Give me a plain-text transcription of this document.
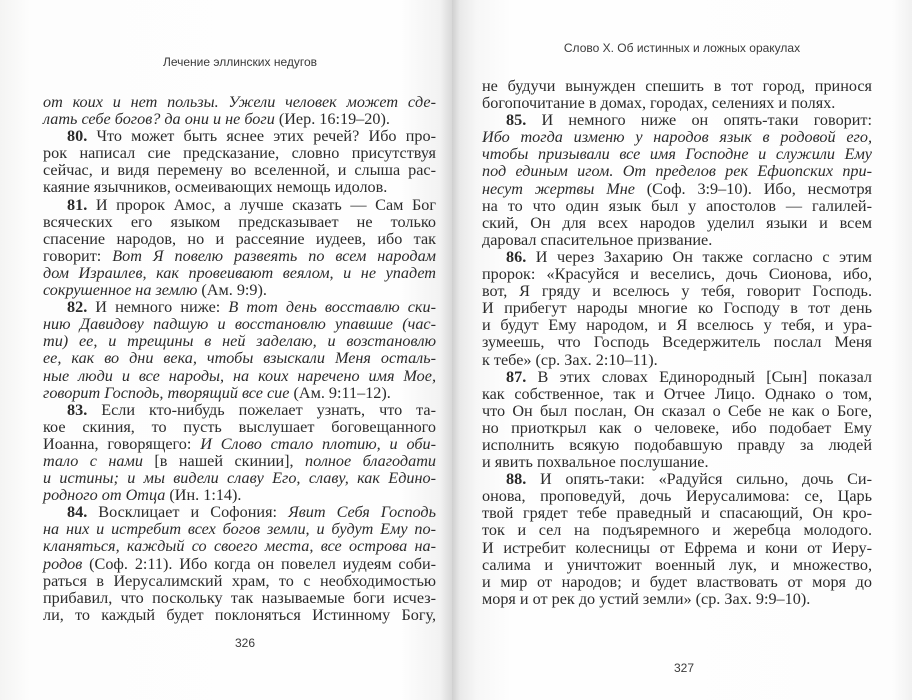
Лечение эллинских недугов
от коих и нет пользы. Ужели человек может сде-
лать себе богов? да они и не боги (Иер. 16:19–20).
80. Что может быть яснее этих речей? Ибо про-
рок написал сие предсказание, словно присутствуя
сейчас, и видя перемену во вселенной, и слыша рас-
каяние язычников, осмеивающих немощь идолов.
81. И пророк Амос, а лучше сказать — Сам Бог
всяческих его языком предсказывает не только
спасение народов, но и рассеяние иудеев, ибо так
говорит: Вот Я повелю развеять по всем народам
дом Израилев, как провеивают веялом, и не упадет
сокрушенное на землю (Ам. 9:9).
82. И немного ниже: В тот день восставлю ски-
нию Давидову падшую и восстановлю упавшие (час-
ти) ее, и трещины в ней заделаю, и возстановлю
ее, как во дни века, чтобы взыскали Меня осталь-
ные люди и все народы, на коих наречено имя Мое,
говорит Господь, творящий все сие (Ам. 9:11–12).
83. Если кто-нибудь пожелает узнать, что та-
кое скиния, то пусть выслушает боговещанного
Иоанна, говорящего: И Слово стало плотию, и оби-
тало с нами [в нашей скинии], полное благодати
и истины; и мы видели славу Его, славу, как Едино-
родного от Отца (Ин. 1:14).
84. Восклицает и Софония: Явит Себя Господь
на них и истребит всех богов земли, и будут Ему по-
кланяться, каждый со своего места, все острова на-
родов (Соф. 2:11). Ибо когда он повелел иудеям соби-
раться в Иерусалимский храм, то с необходимостью
прибавил, что поскольку так называемые боги исчез-
ли, то каждый будет поклоняться Истинному Богу,
326
Слово X. Об истинных и ложных оракулах
не будучи вынужден спешить в тот город, принося
богопочитание в домах, городах, селениях и полях.
85. И немного ниже он опять-таки говорит:
Ибо тогда изменю у народов язык в родовой его,
чтобы призывали все имя Господне и служили Ему
под единым игом. От пределов рек Ефиопских при-
несут жертвы Мне (Соф. 3:9–10). Ибо, несмотря
на то что один язык был у апостолов — галилей-
ский, Он для всех народов уделил языки и всем
даровал спасительное призвание.
86. И через Захарию Он также согласно с этим
пророк: «Красуйся и веселись, дочь Сионова, ибо,
вот, Я гряду и вселюсь у тебя, говорит Господь.
И прибегут народы многие ко Господу в тот день
и будут Ему народом, и Я вселюсь у тебя, и ура-
зумеешь, что Господь Вседержитель послал Меня
к тебе» (ср. Зах. 2:10–11).
87. В этих словах Единородный [Сын] показал
как собственное, так и Отчее Лицо. Однако о том,
что Он был послан, Он сказал о Себе не как о Боге,
но приоткрыл как о человеке, ибо подобает Ему
исполнить всякую подобавшую правду за людей
и явить похвальное послушание.
88. И опять-таки: «Радуйся сильно, дочь Си-
онова, проповедуй, дочь Иерусалимова: се, Царь
твой грядет тебе праведный и спасающий, Он кро-
ток и сел на подъяремного и жеребца молодого.
И истребит колесницы от Ефрема и кони от Иеру-
салима и уничтожит военный лук, и множество,
и мир от народов; и будет властвовать от моря до
моря и от рек до устий земли» (ср. Зах. 9:9–10).
327
